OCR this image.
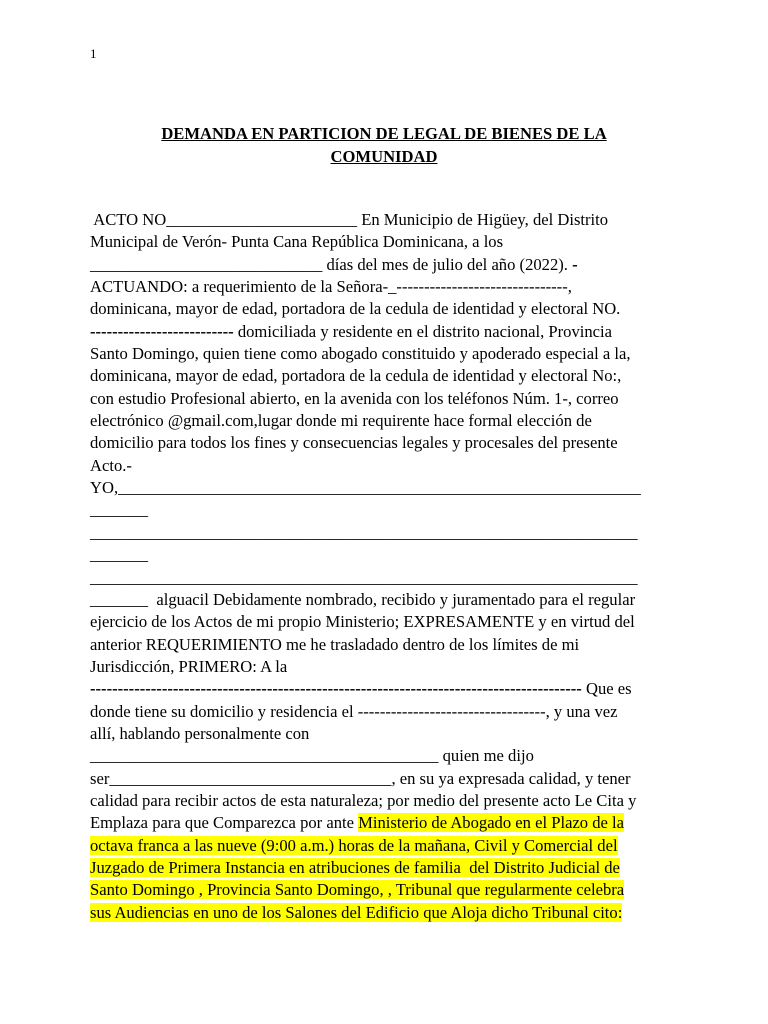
1
DEMANDA EN PARTICION DE LEGAL DE BIENES DE LA
COMUNIDAD
ACTO NO_______________________ En Municipio de Higüey, del Distrito
Municipal de Verón- Punta Cana República Dominicana, a los
____________________________ días del mes de julio del año (2022). -
ACTUANDO: a requerimiento de la Señora-_-------------------------------,
dominicana, mayor de edad, portadora de la cedula de identidad y electoral NO.
-------------------------- domiciliada y residente en el distrito nacional, Provincia
Santo Domingo, quien tiene como abogado constituido y apoderado especial a la,
dominicana, mayor de edad, portadora de la cedula de identidad y electoral No:,
con estudio Profesional abierto, en la avenida con los teléfonos Núm. 1-, correo
electrónico @gmail.com,lugar donde mi requirente hace formal elección de
domicilio para todos los fines y consecuencias legales y procesales del presente
Acto.-
YO,_______________________________________________________________
_______
__________________________________________________________________
_______
__________________________________________________________________
_______  alguacil Debidamente nombrado, recibido y juramentado para el regular
ejercicio de los Actos de mi propio Ministerio; EXPRESAMENTE y en virtud del
anterior REQUERIMIENTO me he trasladado dentro de los límites de mi
Jurisdicción, PRIMERO: A la
----------------------------------------------------------------------------------------- Que es
donde tiene su domicilio y residencia el ----------------------------------, y una vez
allí, hablando personalmente con
__________________________________________ quien me dijo
ser__________________________________, en su ya expresada calidad, y tener
calidad para recibir actos de esta naturaleza; por medio del presente acto Le Cita y
Emplaza para que Comparezca por ante Ministerio de Abogado en el Plazo de la
octava franca a las nueve (9:00 a.m.) horas de la mañana, Civil y Comercial del
Juzgado de Primera Instancia en atribuciones de familia  del Distrito Judicial de
Santo Domingo , Provincia Santo Domingo, , Tribunal que regularmente celebra
sus Audiencias en uno de los Salones del Edificio que Aloja dicho Tribunal cito:
